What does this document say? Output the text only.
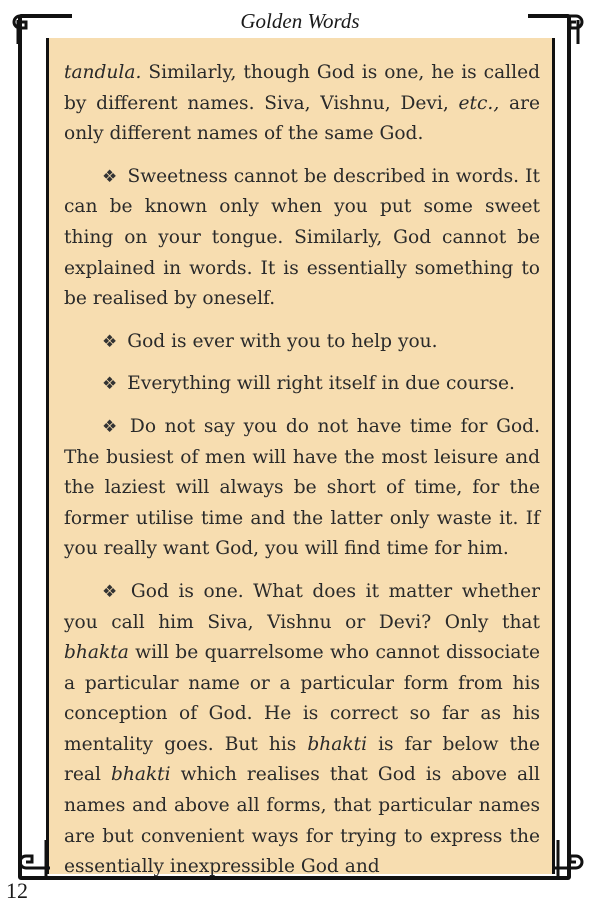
Golden Words

tandula. Similarly, though God is one, he is called by different names. Siva, Vishnu, Devi, etc., are only different names of the same God.

❖ Sweetness cannot be described in words. It can be known only when you put some sweet thing on your tongue. Similarly, God cannot be explained in words. It is essentially something to be realised by oneself.

❖ God is ever with you to help you.

❖ Everything will right itself in due course.

❖ Do not say you do not have time for God. The busiest of men will have the most leisure and the laziest will always be short of time, for the former utilise time and the latter only waste it. If you really want God, you will find time for him.

❖ God is one. What does it matter whether you call him Siva, Vishnu or Devi? Only that bhakta will be quarrelsome who cannot dissociate a particular name or a particular form from his conception of God. He is correct so far as his mentality goes. But his bhakti is far below the real bhakti which realises that God is above all names and above all forms, that particular names are but convenient ways for trying to express the essentially inexpressible God and

12
